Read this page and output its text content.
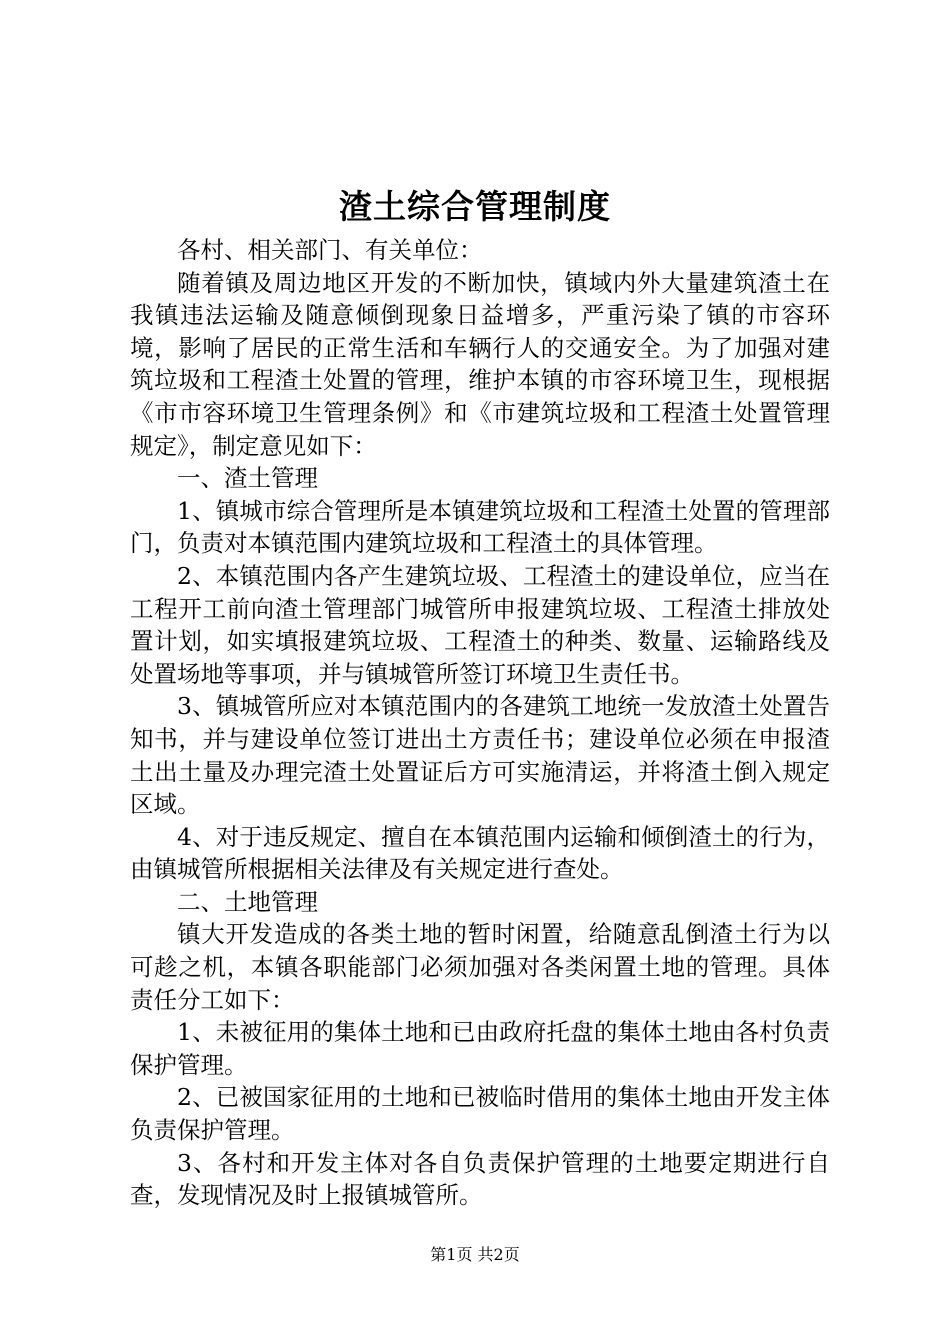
渣土综合管理制度

各村、相关部门、有关单位：

随着镇及周边地区开发的不断加快，镇域内外大量建筑渣土在我镇违法运输及随意倾倒现象日益增多，严重污染了镇的市容环境，影响了居民的正常生活和车辆行人的交通安全。为了加强对建筑垃圾和工程渣土处置的管理，维护本镇的市容环境卫生，现根据《市市容环境卫生管理条例》和《市建筑垃圾和工程渣土处置管理规定》，制定意见如下：

一、渣土管理

1、镇城市综合管理所是本镇建筑垃圾和工程渣土处置的管理部门，负责对本镇范围内建筑垃圾和工程渣土的具体管理。

2、本镇范围内各产生建筑垃圾、工程渣土的建设单位，应当在工程开工前向渣土管理部门城管所申报建筑垃圾、工程渣土排放处置计划，如实填报建筑垃圾、工程渣土的种类、数量、运输路线及处置场地等事项，并与镇城管所签订环境卫生责任书。

3、镇城管所应对本镇范围内的各建筑工地统一发放渣土处置告知书，并与建设单位签订进出土方责任书；建设单位必须在申报渣土出土量及办理完渣土处置证后方可实施清运，并将渣土倒入规定区域。

4、对于违反规定、擅自在本镇范围内运输和倾倒渣土的行为，由镇城管所根据相关法律及有关规定进行查处。

二、土地管理

镇大开发造成的各类土地的暂时闲置，给随意乱倒渣土行为以可趁之机，本镇各职能部门必须加强对各类闲置土地的管理。具体责任分工如下：

1、未被征用的集体土地和已由政府托盘的集体土地由各村负责保护管理。

2、已被国家征用的土地和已被临时借用的集体土地由开发主体负责保护管理。

3、各村和开发主体对各自负责保护管理的土地要定期进行自查，发现情况及时上报镇城管所。

第1页 共2页
